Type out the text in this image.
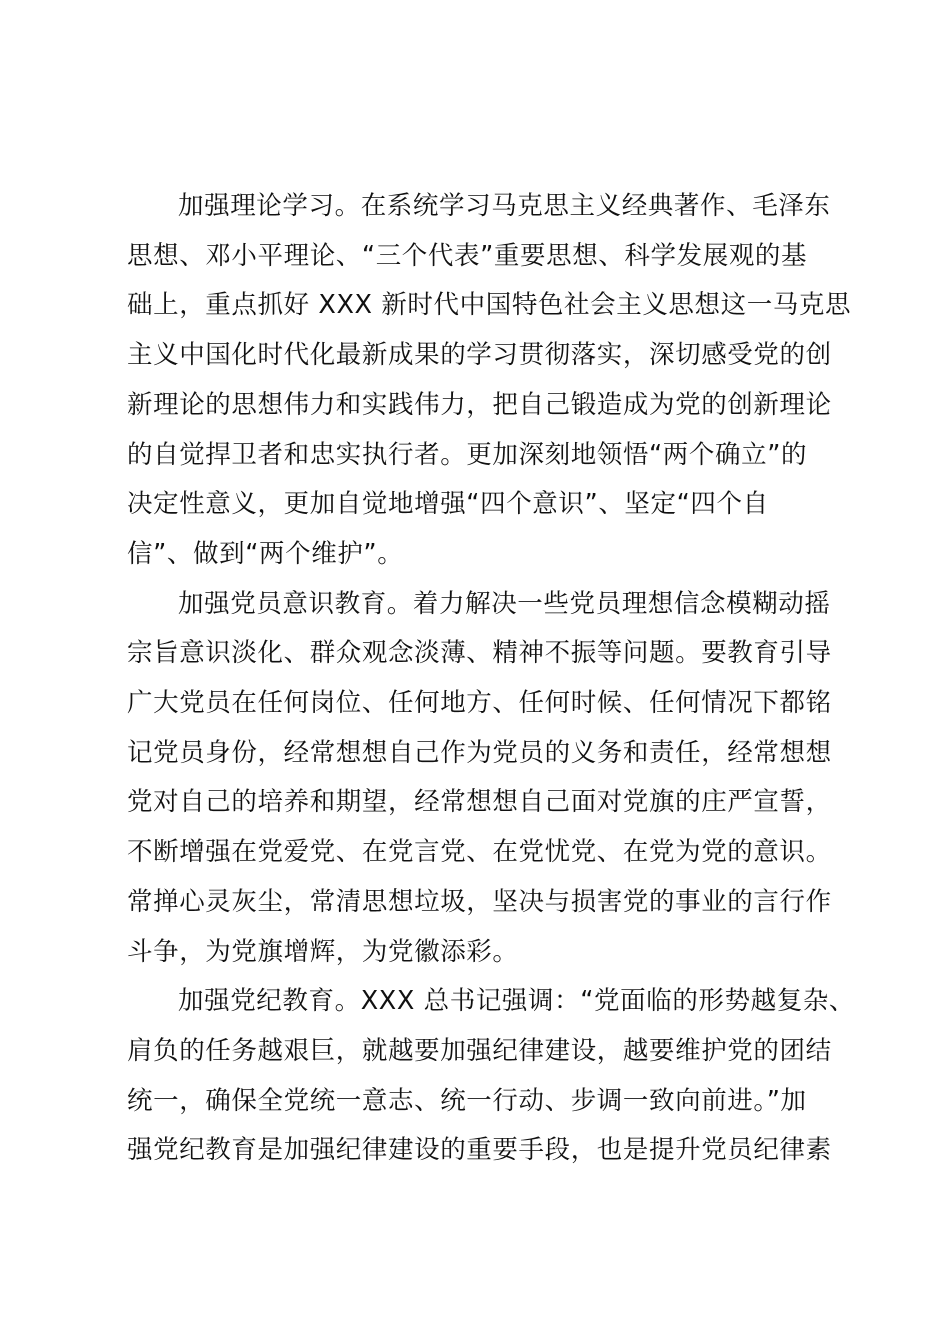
加强理论学习。在系统学习马克思主义经典著作、毛泽东
思想、邓小平理论、“三个代表”重要思想、科学发展观的基
础上，重点抓好 XXX 新时代中国特色社会主义思想这一马克思
主义中国化时代化最新成果的学习贯彻落实，深切感受党的创
新理论的思想伟力和实践伟力，把自己锻造成为党的创新理论
的自觉捍卫者和忠实执行者。更加深刻地领悟“两个确立”的
决定性意义，更加自觉地增强“四个意识”、坚定“四个自
信”、做到“两个维护”。

加强党员意识教育。着力解决一些党员理想信念模糊动摇
宗旨意识淡化、群众观念淡薄、精神不振等问题。要教育引导
广大党员在任何岗位、任何地方、任何时候、任何情况下都铭
记党员身份，经常想想自己作为党员的义务和责任，经常想想
党对自己的培养和期望，经常想想自己面对党旗的庄严宣誓，
不断增强在党爱党、在党言党、在党忧党、在党为党的意识。
常掸心灵灰尘，常清思想垃圾，坚决与损害党的事业的言行作
斗争，为党旗增辉，为党徽添彩。

加强党纪教育。XXX 总书记强调：“党面临的形势越复杂、
肩负的任务越艰巨，就越要加强纪律建设，越要维护党的团结
统一，确保全党统一意志、统一行动、步调一致向前进。”加
强党纪教育是加强纪律建设的重要手段，也是提升党员纪律素
